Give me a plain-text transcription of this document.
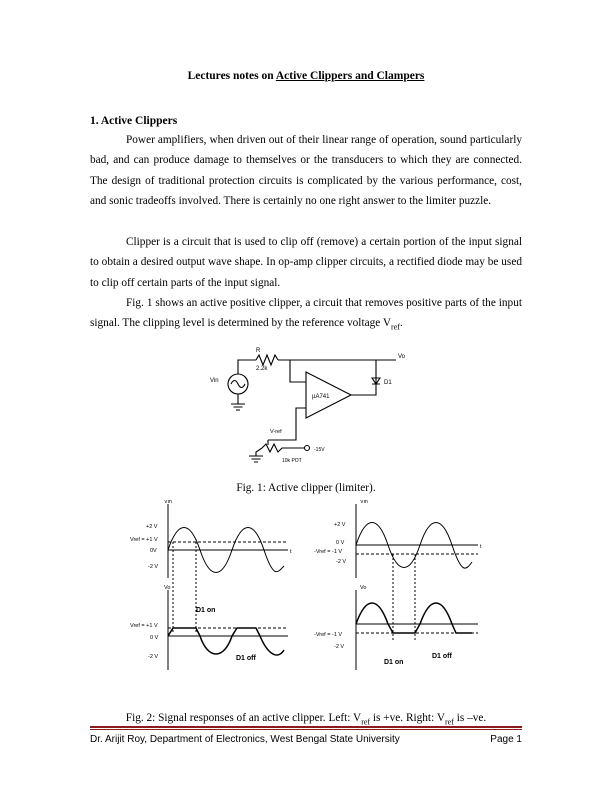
Lectures notes on Active Clippers and Clampers
1. Active Clippers

Power amplifiers, when driven out of their linear range of operation, sound particularly bad, and can produce damage to themselves or the transducers to which they are connected. The design of traditional protection circuits is complicated by the various performance, cost, and sonic tradeoffs involved. There is certainly no one right answer to the limiter puzzle.

Clipper is a circuit that is used to clip off (remove) a certain portion of the input signal to obtain a desired output wave shape. In op-amp clipper circuits, a rectified diode may be used to clip off certain parts of the input signal.

Fig. 1 shows an active positive clipper, a circuit that removes positive parts of the input signal. The clipping level is determined by the reference voltage $V_{ref}$.

R
2.2k
Vin
Vo
D1
µA741
V-ref
10k POT
-15V
Fig. 1: Active clipper (limiter).
Vin
t
+2 V
Vref = +1 V
0V
-2 V
Vo
Vref = +1 V
0 V
-2 V
D1 on
D1 off
Vin
t
+2 V
0 V
-Vref = -1 V
-2 V
Vo
-Vref = -1 V
-2 V
D1 on
D1 off
Fig. 2: Signal responses of an active clipper. Left: $V_{ref}$ is +ve. Right: $V_{ref}$ is –ve.
Dr. Arijit Roy, Department of Electronics, West Bengal State University	Page 1
